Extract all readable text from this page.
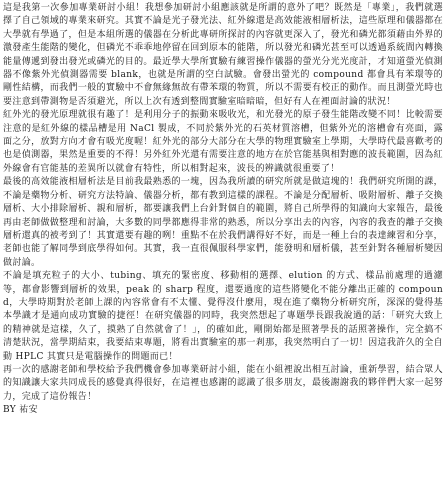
這是我第一次參加專業研討小組！我想參加研討小組應該就是所謂的意外了吧？既然是「專業」，我們就選擇了自己領域的專業來研究。其實不論是光子發光法、紅外線還是高效能液相層析法，這些原理和儀器都在大學就有學過了，但是本組所選的儀器在分析此專研所探討的內容就更深入了，發光和磷光都須藉由外界的激發產生能階的變化，但磷光不乖乖地停留在回到原本的能階，所以發光和磷光甚至可以透過系統間內轉換能量傳遞到發出發光或磷光的目的。最近學大學所實驗有練習操作儀器的螢光分光光度計，才知道螢光偵測器不像紫外光偵測器需要 blank，也就是所謂的空白試驗。會發出螢光的 compound 都會具有苯環等的剛性結構，而我們一般的實驗中不會無緣無故有帶苯環的物質，所以不需要有校正的動作。而且測螢光時也要注意到帶測物是否須避光，所以上次有透到整間實驗室暗暗暗，但好有人在裡面討論的狀況！

紅外光的發光原理就很有趣了！是利用分子的振動來吸收光，和光發光的原子發生能階改變不同！比較需要注意的是紅外線的樣品槽是用 NaCl 製成，不同於紫外光的石英材質溶槽，但紫外光的溶槽會有亮面，露面之分，放對方向才會有吸光度喔！紅外光的部分大部分在大學的物理實驗室上學期，大學時代最喜歡考的也是偵測器，果然是重要的不得！另外紅外光還有需要注意的地方在於官能基與相對應的波長範圍，因為紅外線會有官能基的差異所以就會有特性，所以相對起來，波長的辨識就很重要了！

最後的高效能液相層析法是目前我最熟悉的一塊，因為我所讀的研究所就是做這塊的！我們研究所開的課，不論是藥物分析、研究方法特論、儀器分析，都有教到這樣的課程。不論是分配層析、吸附層析、離子交換層析、大小排除層析、親和層析，都要讓我們上台針對個自的範圍，將自己所學得的知識向大家報告，最後再由老師做做整理和討論，大多數的同學都應得非常的熟悉，所以分享出去的內容，內容的我查的離子交換層析還真的被考到了！其實還要有趣的咧！重點不在於我們講得好不好，而是一種上台的表達練習和分享，老師也能了解同學到底學得如何。其實，我一直很佩服科學家們，能發明和層析儀，甚至針對各種層析變因做討論。

不論是填充粒子的大小、tubing、填充的緊密度、移動相的選擇、elution 的方式、樣品前處理的過濾等，都會影響到層析的效果，peak 的 sharp 程度，還要過度的這些將變化不能分離出正確的 compound，大學時期對於老師上課的內容常會有不太懂、覺得沒什麼用，現在進了藥物分析研究所，深深的覺得基本學識才是通向成功實驗的捷徑！在研究儀器的同時，我突然想起了專題學長跟我說過的話：「研究大致上的精神就是這樣，久了，摸熟了自然就會了！」，的確如此，剛開始都是照著學長的話照著操作，完全搞不清楚狀況，當學期結束，我要結束專題，將看出實驗室的那一剎那，我突然明白了一切！因這我許久的全自動 HPLC 其實只是電腦操作的問題而已！

再一次的感謝老師和學校給予我們機會參加專業研討小組，能在小組裡說出相互討論，重新學習，結合眾人的知識讓大家共同成長的感覺真得很好，在這裡也感謝的認識了很多朋友，最後謝謝我的夥伴們大家一起努力，完成了這份報告！

BY 祐安
